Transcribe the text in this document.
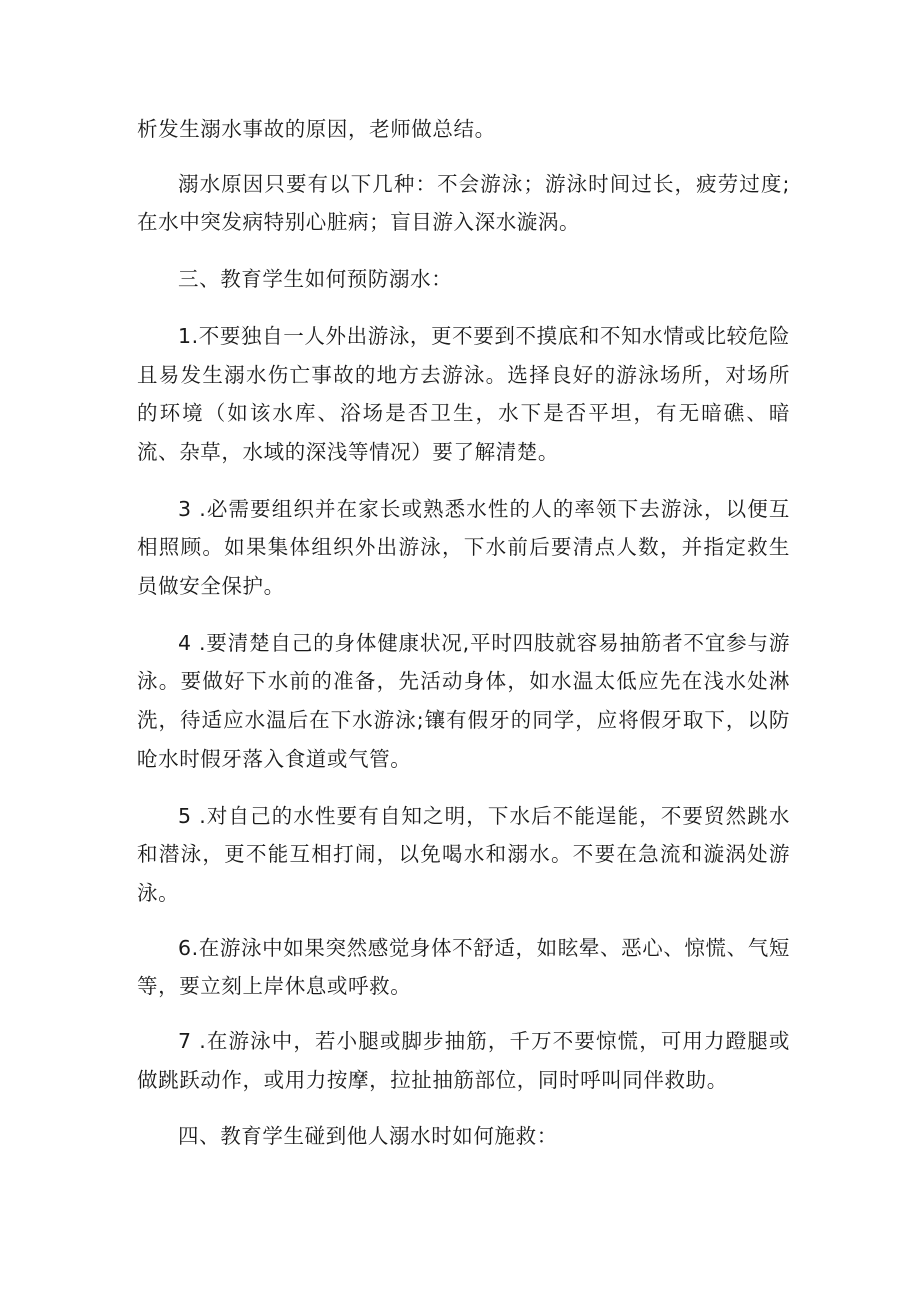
析发生溺水事故的原因，老师做总结。

溺水原因只要有以下几种：不会游泳；游泳时间过长，疲劳过度;在水中突发病特别心脏病；盲目游入深水漩涡。

三、教育学生如何预防溺水：

1.不要独自一人外出游泳，更不要到不摸底和不知水情或比较危险且易发生溺水伤亡事故的地方去游泳。选择良好的游泳场所，对场所的环境（如该水库、浴场是否卫生，水下是否平坦，有无暗礁、暗流、杂草，水域的深浅等情况）要了解清楚。

3 .必需要组织并在家长或熟悉水性的人的率领下去游泳，以便互相照顾。如果集体组织外出游泳，下水前后要清点人数，并指定救生员做安全保护。

4 .要清楚自己的身体健康状况,平时四肢就容易抽筋者不宜参与游泳。要做好下水前的准备，先活动身体，如水温太低应先在浅水处淋洗，待适应水温后在下水游泳;镶有假牙的同学，应将假牙取下，以防呛水时假牙落入食道或气管。

5 .对自己的水性要有自知之明，下水后不能逞能，不要贸然跳水和潜泳，更不能互相打闹，以免喝水和溺水。不要在急流和漩涡处游泳。

6.在游泳中如果突然感觉身体不舒适，如眩晕、恶心、惊慌、气短等，要立刻上岸休息或呼救。

7 .在游泳中，若小腿或脚步抽筋，千万不要惊慌，可用力蹬腿或做跳跃动作，或用力按摩，拉扯抽筋部位，同时呼叫同伴救助。

四、教育学生碰到他人溺水时如何施救：
